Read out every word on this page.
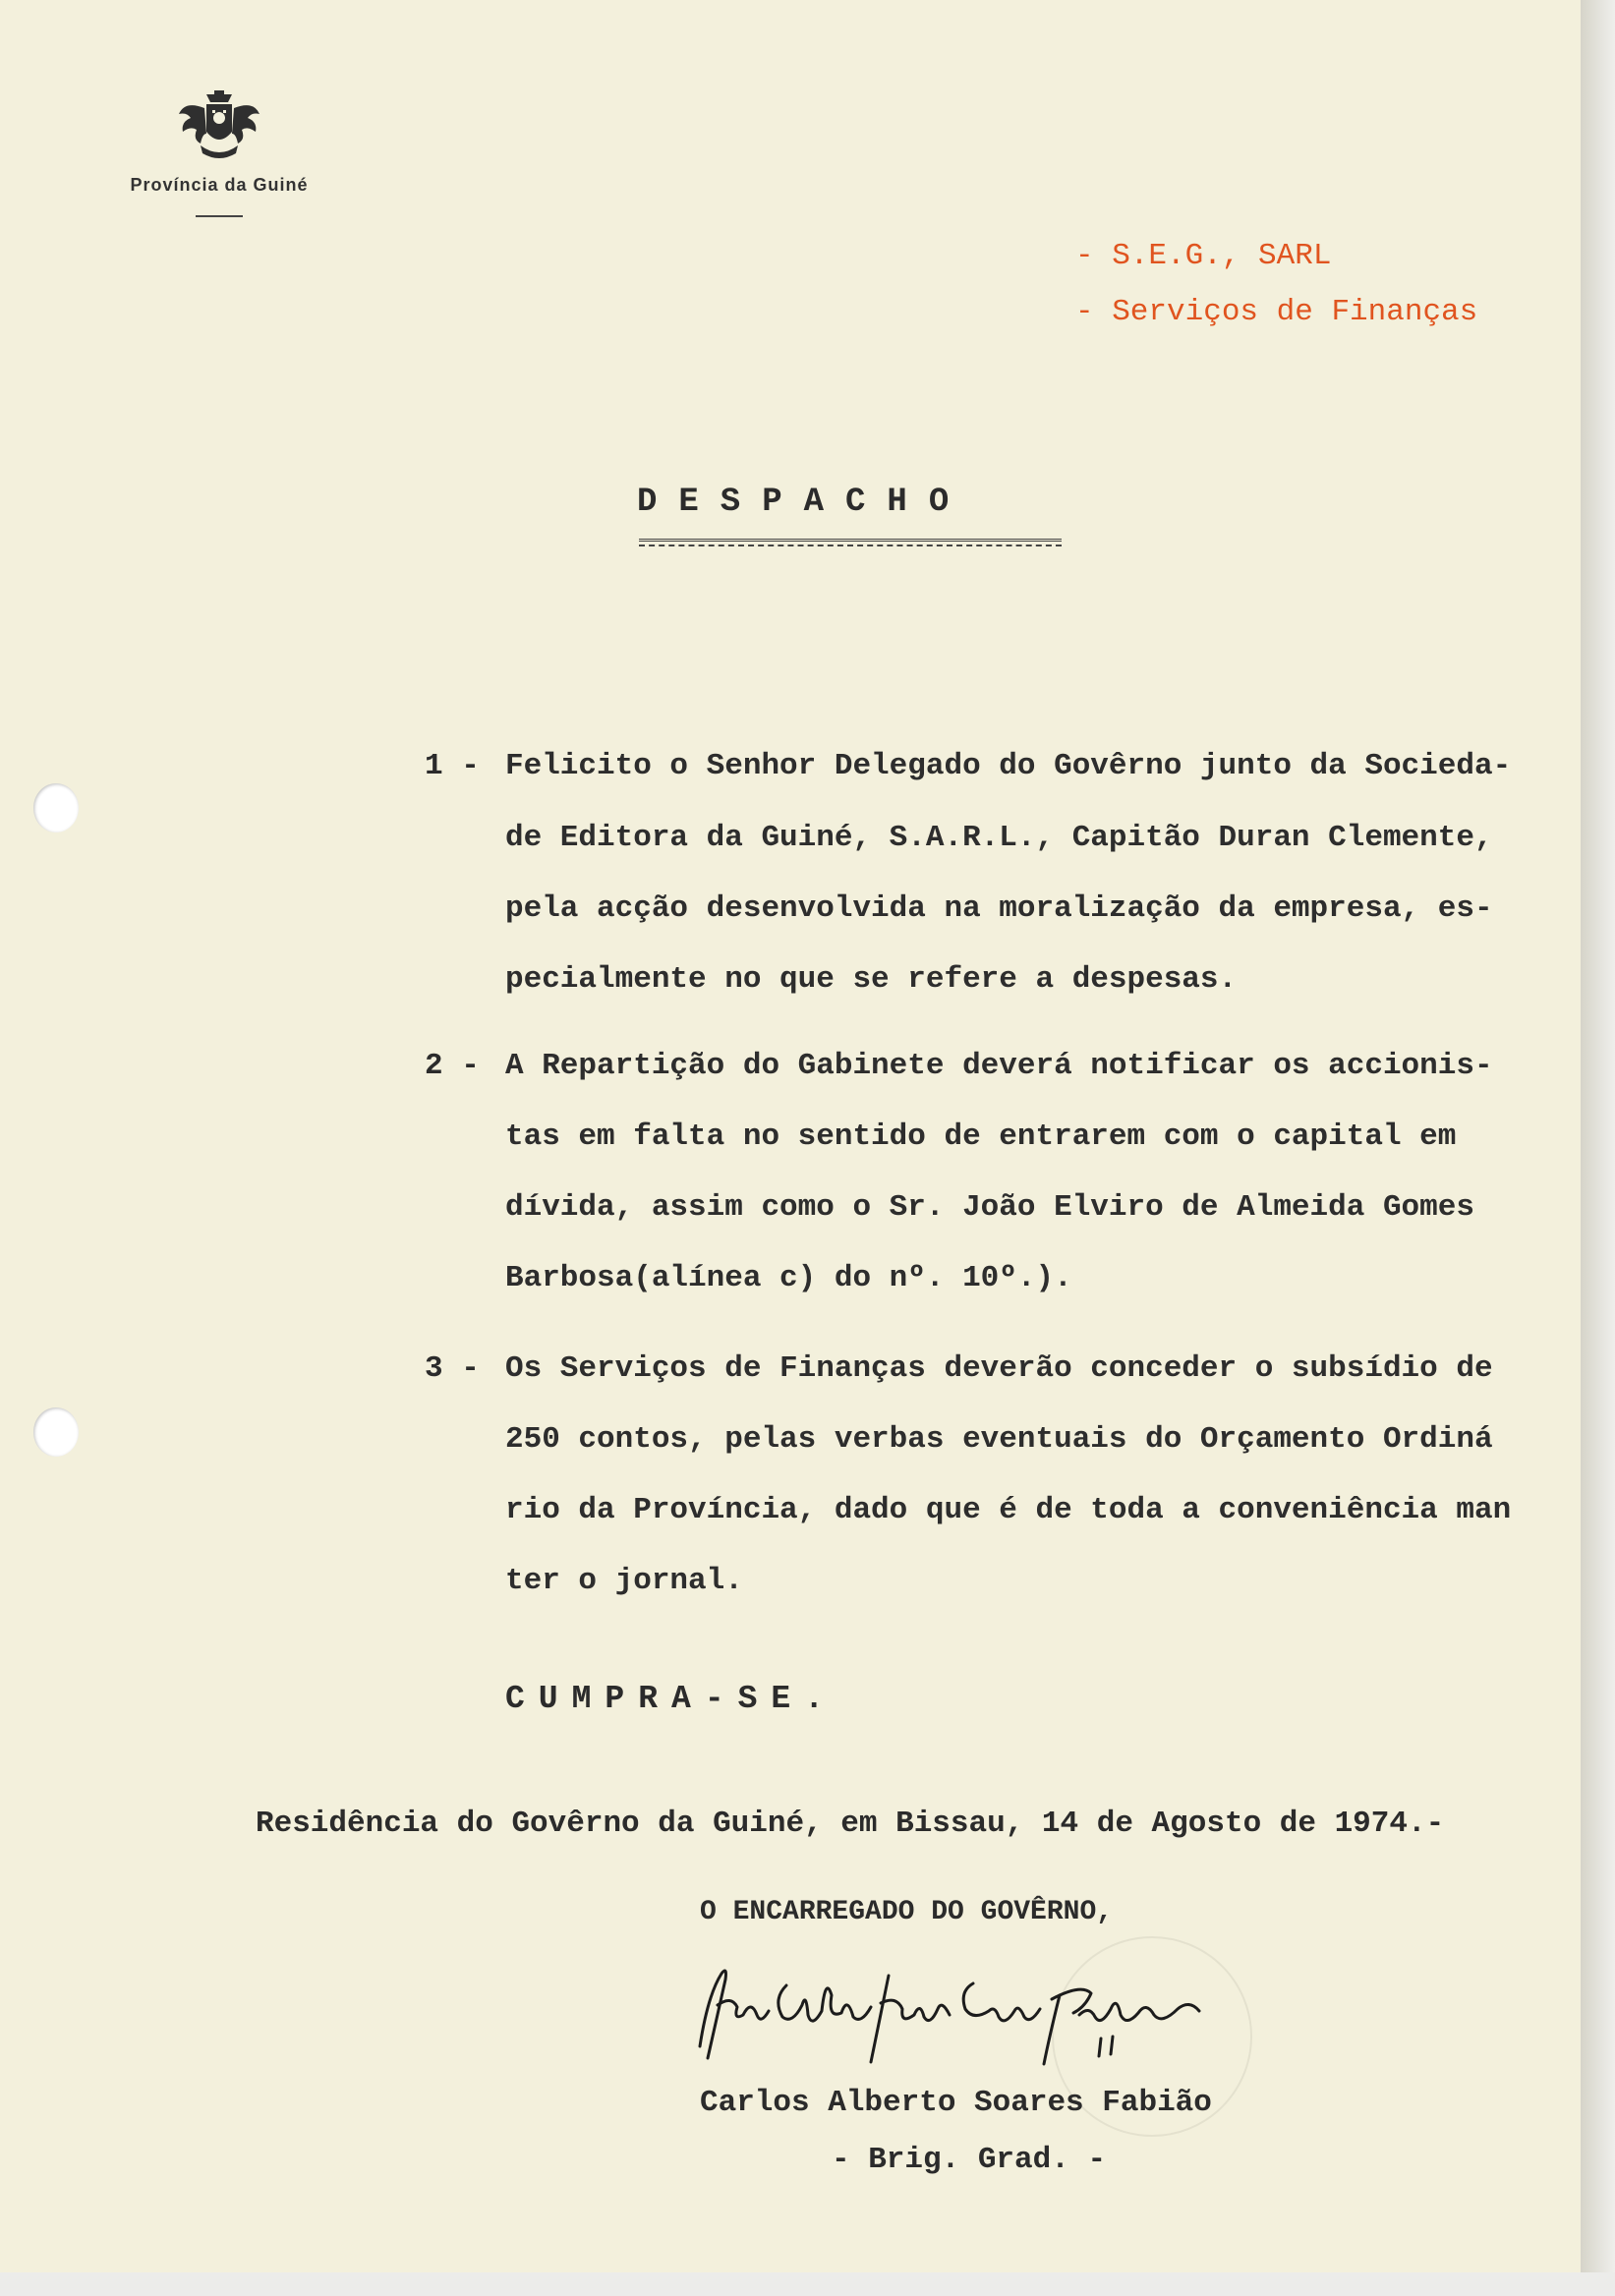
Província da Guiné
- S.E.G., SARL
- Serviços de Finanças
DESPACHO
1 - Felicito o Senhor Delegado do Govêrno junto da Socieda-
de Editora da Guiné, S.A.R.L., Capitão Duran Clemente,
pela acção desenvolvida na moralização da empresa, es-
pecialmente no que se refere a despesas.
2 - A Repartição do Gabinete deverá notificar os accionis-
tas em falta no sentido de entrarem com o capital em
dívida, assim como o Sr. João Elviro de Almeida Gomes
Barbosa(alínea c) do nº. 10º.).
3 - Os Serviços de Finanças deverão conceder o subsídio de
250 contos, pelas verbas eventuais do Orçamento Ordiná
rio da Província, dado que é de toda a conveniência man
ter o jornal.
CUMPRA-SE.
Residência do Govêrno da Guiné, em Bissau, 14 de Agosto de 1974.-
O ENCARREGADO DO GOVÊRNO,
Carlos Alberto Soares Fabião
- Brig. Grad. -
